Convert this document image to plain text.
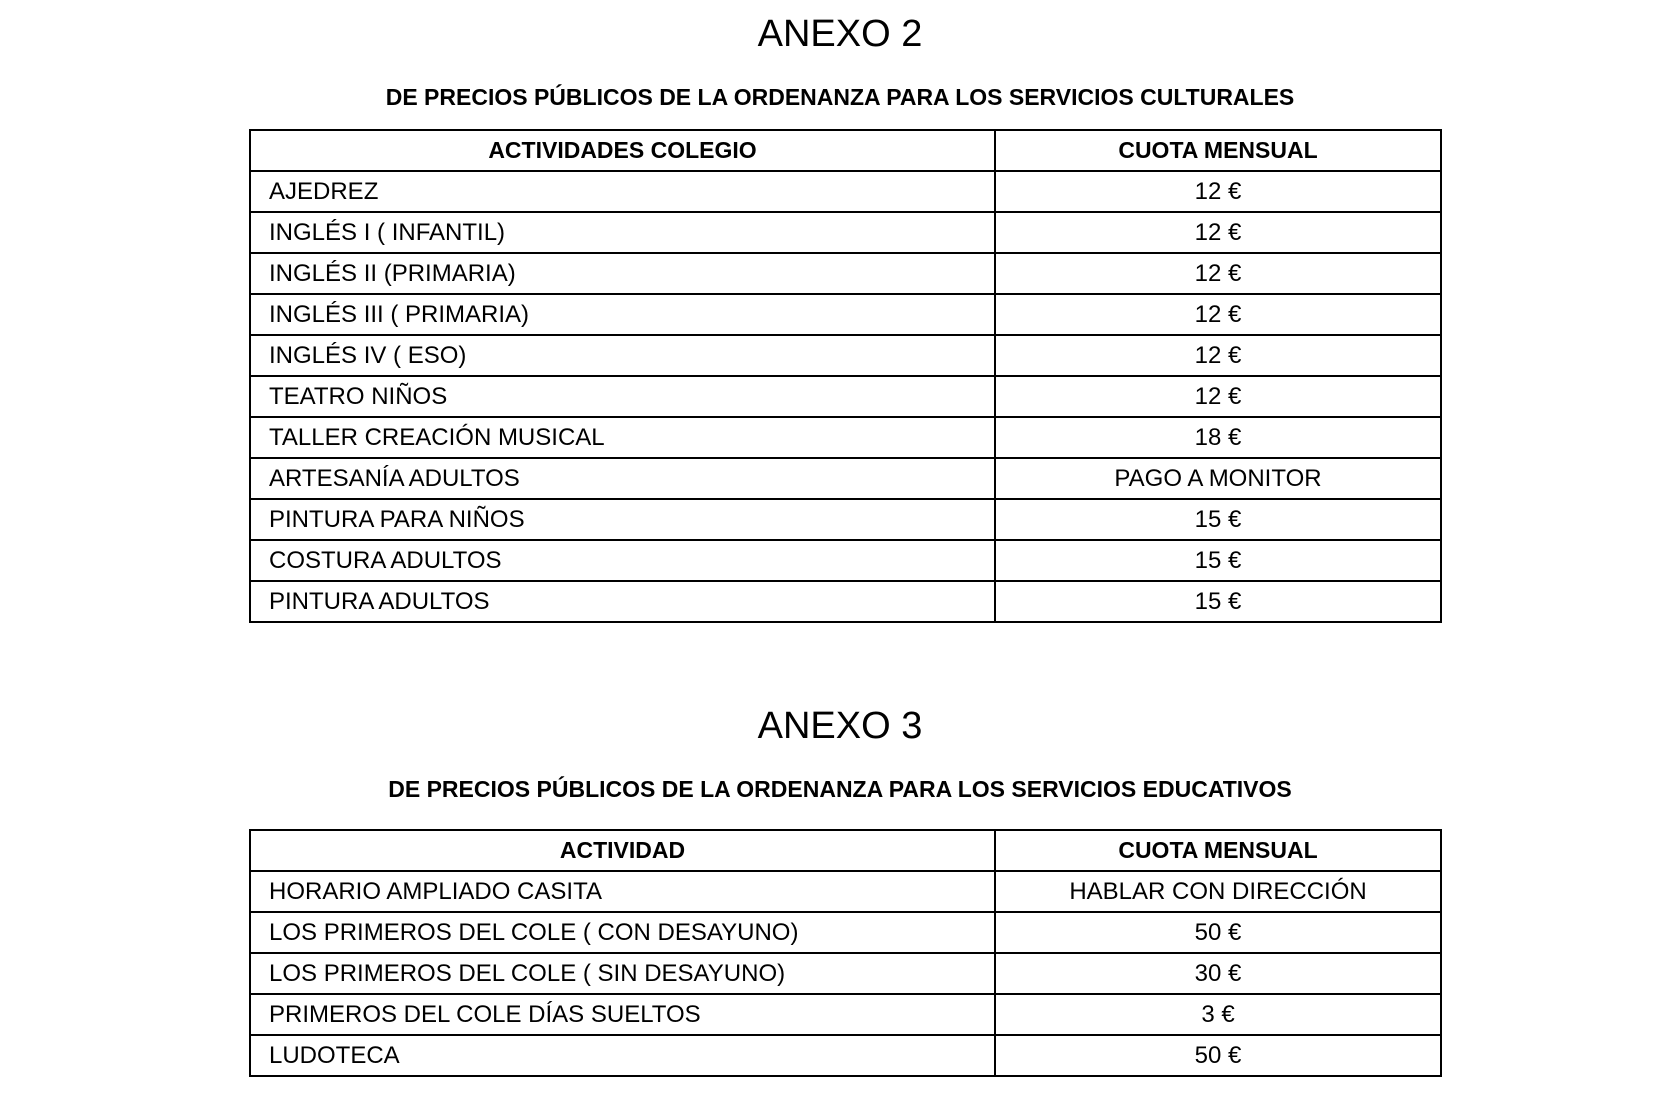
ANEXO 2
DE PRECIOS PÚBLICOS DE LA ORDENANZA PARA LOS SERVICIOS CULTURALES
ACTIVIDADES COLEGIO	CUOTA MENSUAL
AJEDREZ	12 €
INGLÉS I ( INFANTIL)	12 €
INGLÉS II (PRIMARIA)	12 €
INGLÉS III ( PRIMARIA)	12 €
INGLÉS IV ( ESO)	12 €
TEATRO NIÑOS	12 €
TALLER CREACIÓN MUSICAL	18 €
ARTESANÍA ADULTOS	PAGO A MONITOR
PINTURA PARA NIÑOS	15 €
COSTURA ADULTOS	15 €
PINTURA ADULTOS	15 €
ANEXO 3
DE PRECIOS PÚBLICOS DE LA ORDENANZA PARA LOS SERVICIOS EDUCATIVOS
ACTIVIDAD	CUOTA MENSUAL
HORARIO AMPLIADO CASITA	HABLAR CON DIRECCIÓN
LOS PRIMEROS DEL COLE ( CON DESAYUNO)	50 €
LOS PRIMEROS DEL COLE ( SIN DESAYUNO)	30 €
PRIMEROS DEL COLE DÍAS SUELTOS	3 €
LUDOTECA	50 €
